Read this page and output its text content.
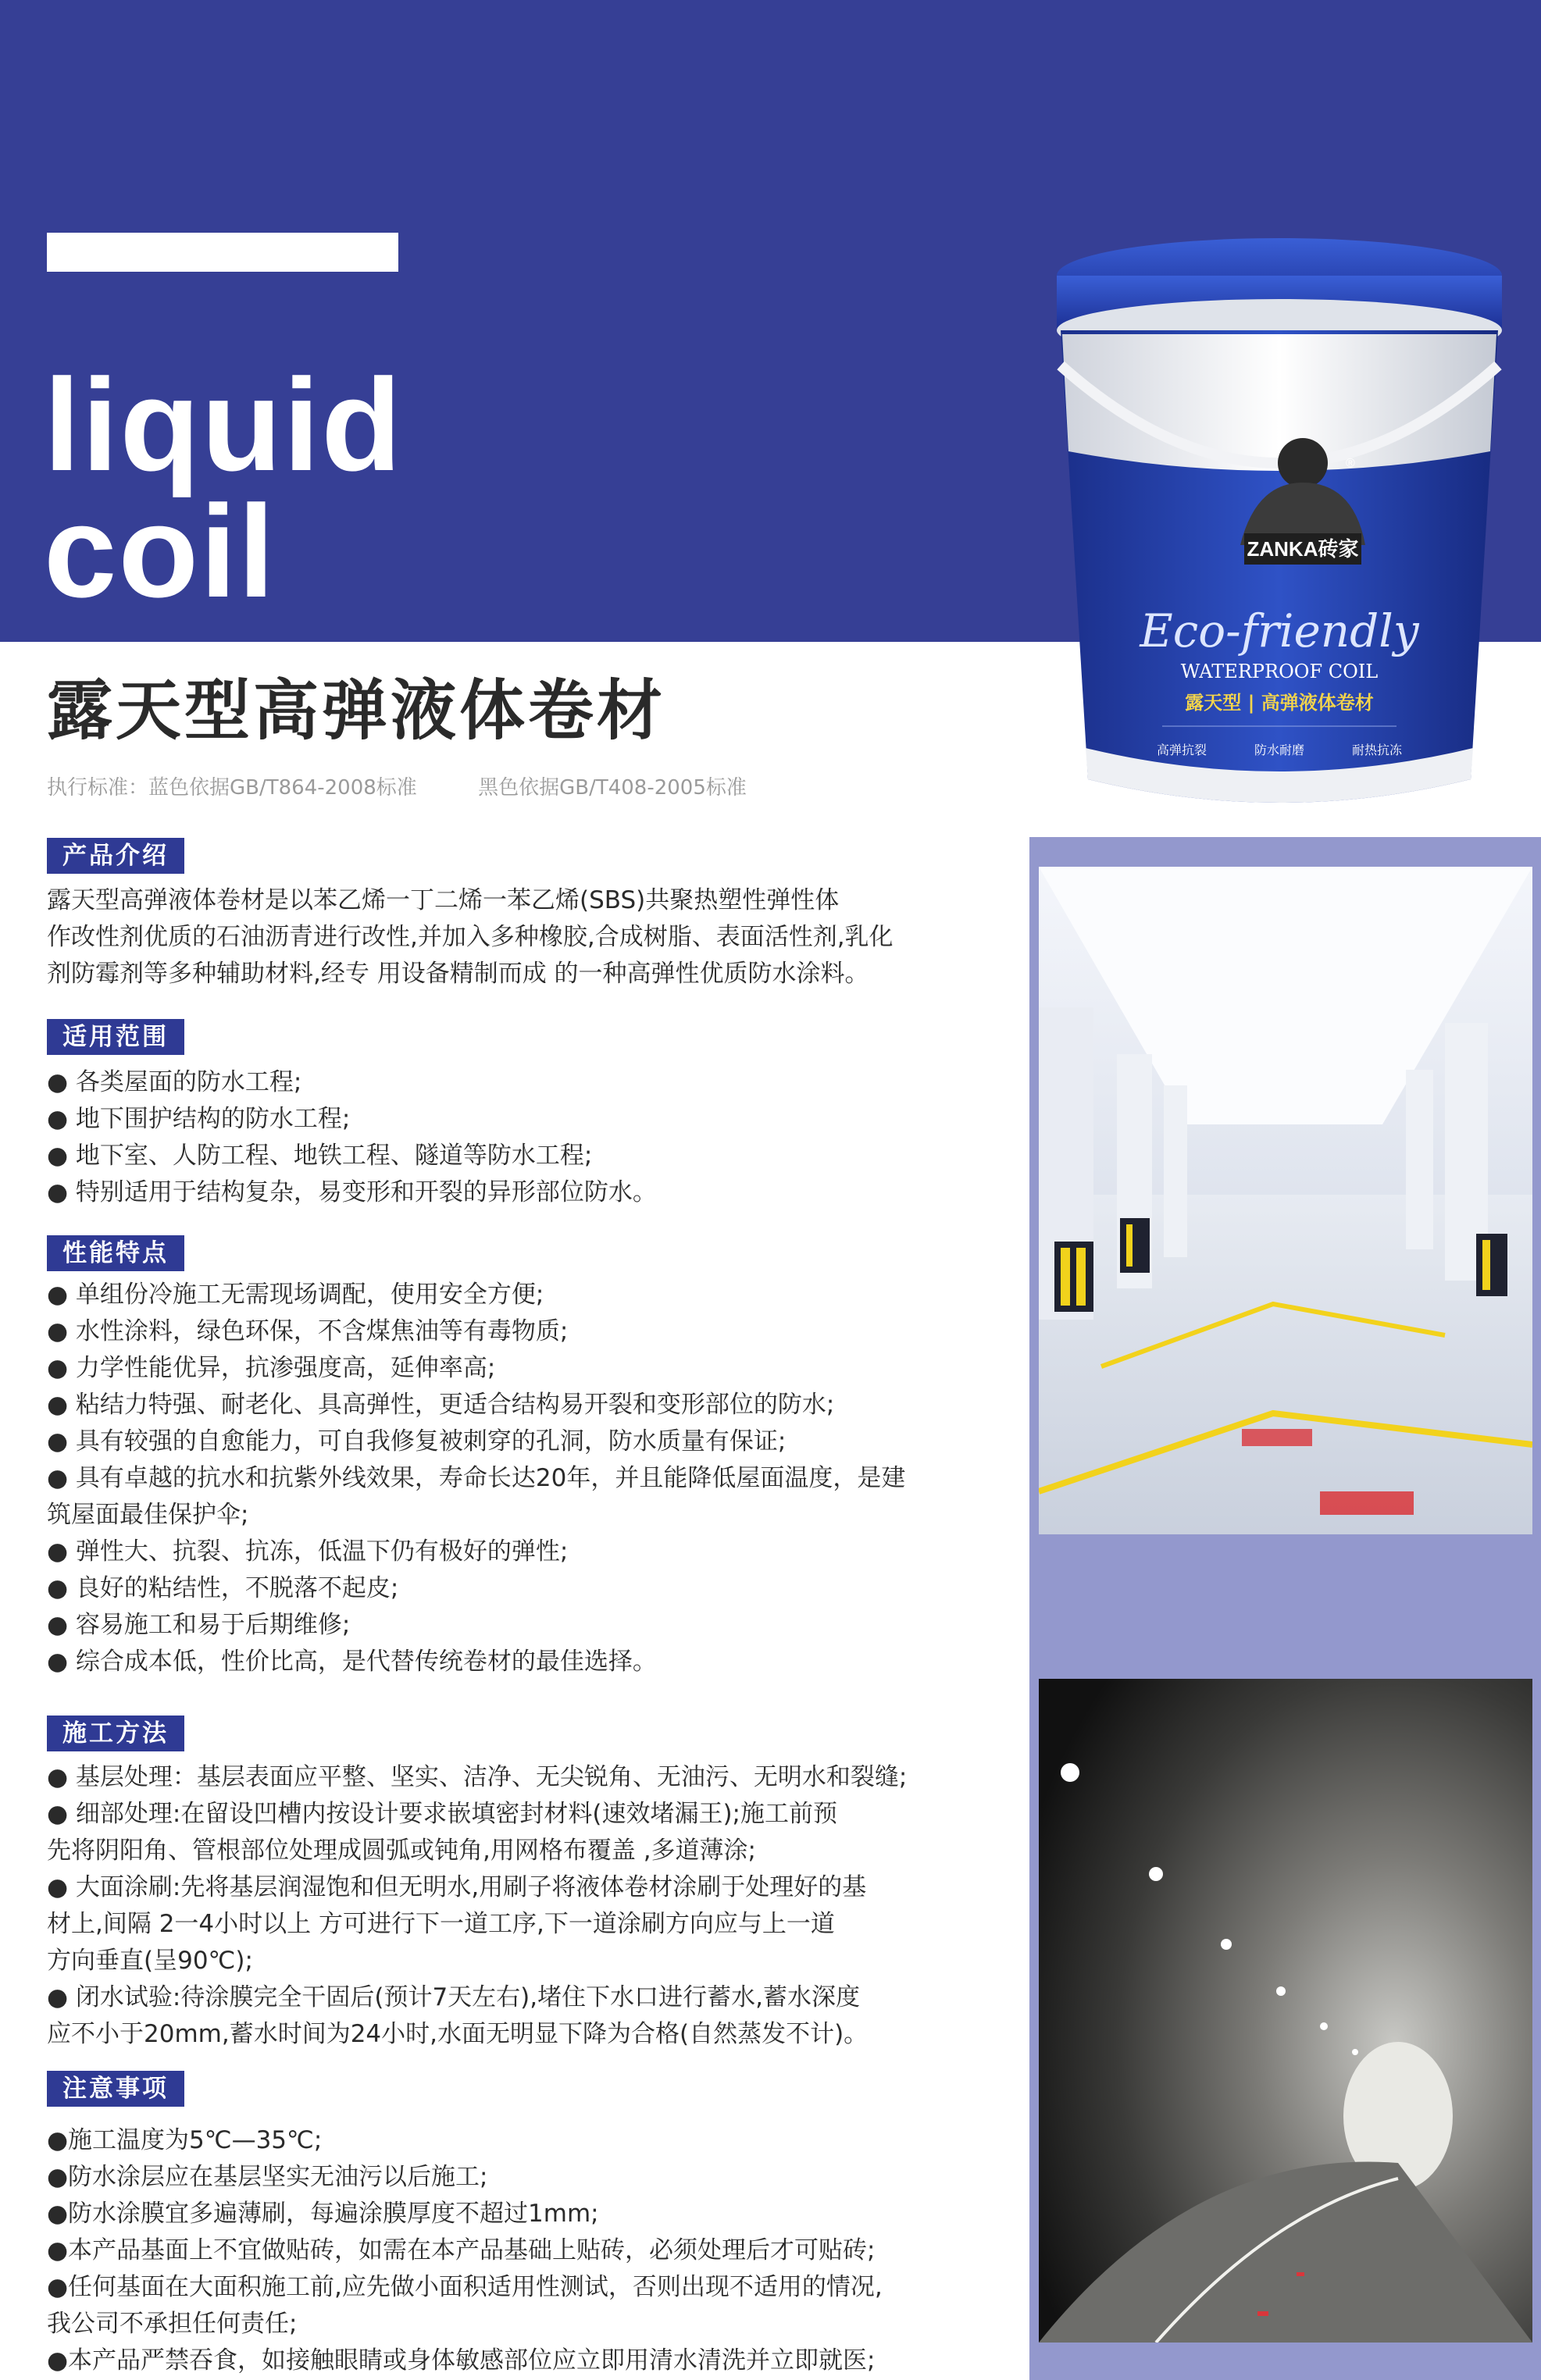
liquid
coil	ZANKA砖家
®
Eco-friendly
WATERPROOF COIL
露天型 | 高弹液体卷材
高弹抗裂	防水耐磨	耐热抗冻
露天型高弹液体卷材
执行标准：蓝色依据GB/T864-2008标准	黑色依据GB/T408-2005标准
产品介绍
露天型高弹液体卷材是以苯乙烯一丁二烯一苯乙烯(SBS)共聚热塑性弹性体
作改性剂优质的石油沥青进行改性,并加入多种橡胶,合成树脂、表面活性剂,乳化
剂防霉剂等多种辅助材料,经专 用设备精制而成 的一种高弹性优质防水涂料。
适用范围
● 各类屋面的防水工程;
● 地下围护结构的防水工程;
● 地下室、人防工程、地铁工程、隧道等防水工程;
● 特别适用于结构复杂，易变形和开裂的异形部位防水。
性能特点
● 单组份冷施工无需现场调配，使用安全方便;
● 水性涂料，绿色环保，不含煤焦油等有毒物质;
● 力学性能优异，抗渗强度高，延伸率高;
● 粘结力特强、耐老化、具高弹性，更适合结构易开裂和变形部位的防水;
● 具有较强的自愈能力，可自我修复被刺穿的孔洞，防水质量有保证;
● 具有卓越的抗水和抗紫外线效果，寿命长达20年，并且能降低屋面温度，是建
筑屋面最佳保护伞;
● 弹性大、抗裂、抗冻，低温下仍有极好的弹性;
● 良好的粘结性，不脱落不起皮;
● 容易施工和易于后期维修;
● 综合成本低，性价比高，是代替传统卷材的最佳选择。
施工方法
● 基层处理：基层表面应平整、坚实、洁净、无尖锐角、无油污、无明水和裂缝;
● 细部处理:在留设凹槽内按设计要求嵌填密封材料(速效堵漏王);施工前预
先将阴阳角、管根部位处理成圆弧或钝角,用网格布覆盖 ,多道薄涂;
● 大面涂刷:先将基层润湿饱和但无明水,用刷子将液体卷材涂刷于处理好的基
材上,间隔 2一4小时以上 方可进行下一道工序,下一道涂刷方向应与上一道
方向垂直(呈90℃);
● 闭水试验:待涂膜完全干固后(预计7天左右),堵住下水口进行蓄水,蓄水深度
应不小于20mm,蓄水时间为24小时,水面无明显下降为合格(自然蒸发不计)。
注意事项
●施工温度为5℃—35℃;
●防水涂层应在基层坚实无油污以后施工;
●防水涂膜宜多遍薄刷，每遍涂膜厚度不超过1mm;
●本产品基面上不宜做贴砖，如需在本产品基础上贴砖，必须处理后才可贴砖;
●任何基面在大面积施工前,应先做小面积适用性测试，否则出现不适用的情况,
我公司不承担任何责任;
●本产品严禁吞食，如接触眼睛或身体敏感部位应立即用清水清洗并立即就医;
